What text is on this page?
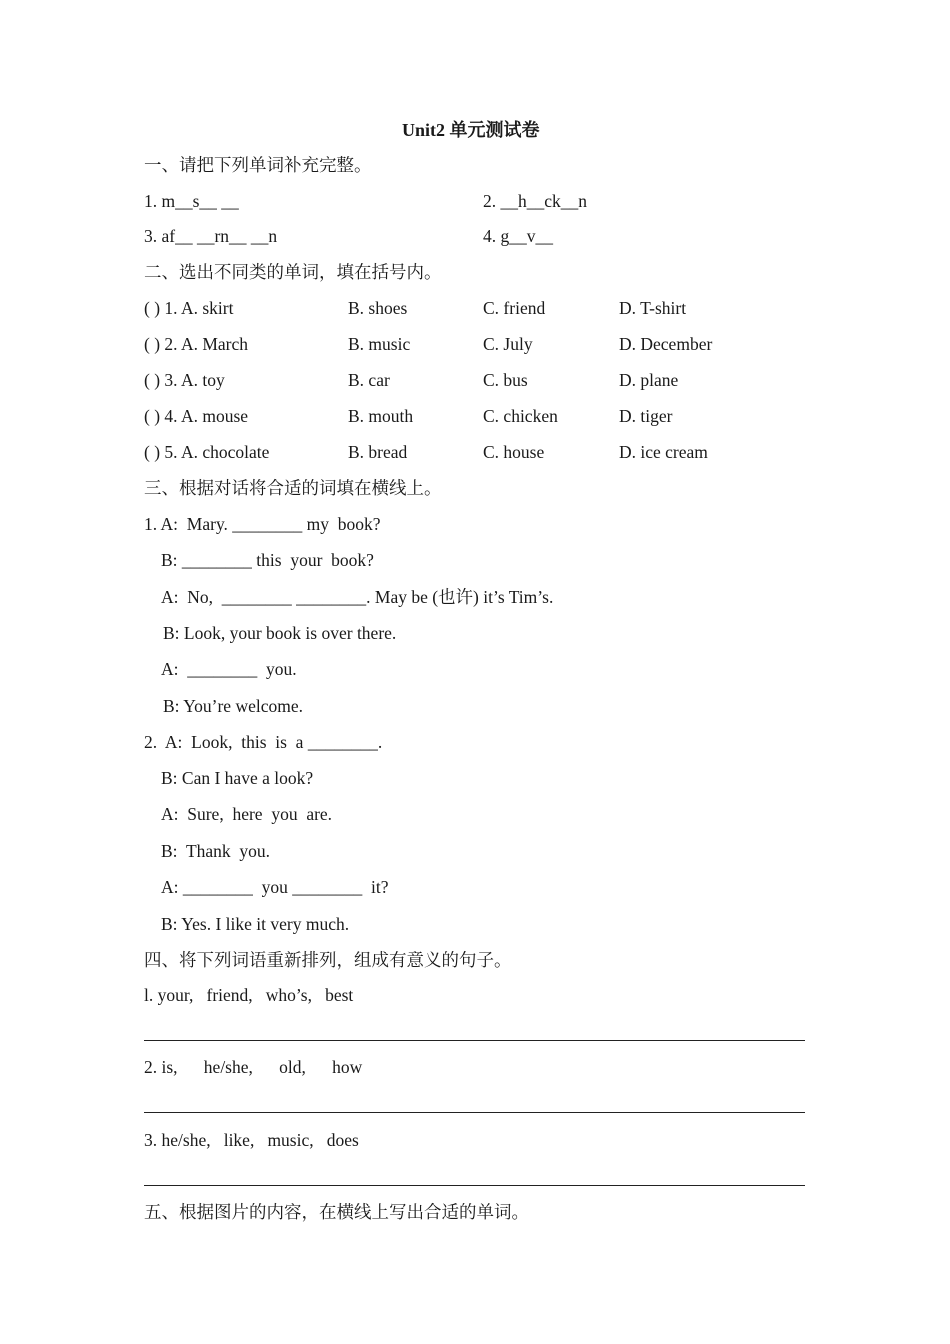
Unit2 单元测试卷
一、请把下列单词补充完整。
1. m__s__ __	2. __h__ck__n
3. af__ __rn__ __n	4. g__v__
二、选出不同类的单词，填在括号内。
( ) 1. A. skirt	B. shoes	C. friend	D. T-shirt
( ) 2. A. March	B. music	C. July	D. December
( ) 3. A. toy	B. car	C. bus	D. plane
( ) 4. A. mouse	B. mouth	C. chicken	D. tiger
( ) 5. A. chocolate	B. bread	C. house	D. ice cream
三、根据对话将合适的词填在横线上。
1. A:  Mary. ________ my  book?
B: ________ this  your  book?
A:  No,  ________ ________. May be (也许) it’s Tim’s.
B: Look, your book is over there.
A:  ________  you.
B: You’re welcome.
2.  A:  Look,  this  is  a ________.
B: Can I have a look?
A:  Sure,  here  you  are.
B:  Thank  you.
A: ________  you ________  it?
B: Yes. I like it very much.
四、将下列词语重新排列，组成有意义的句子。
l. your,   friend,   who’s,   best
2. is,      he/she,      old,      how
3. he/she,   like,   music,   does
五、根据图片的内容，在横线上写出合适的单词。
